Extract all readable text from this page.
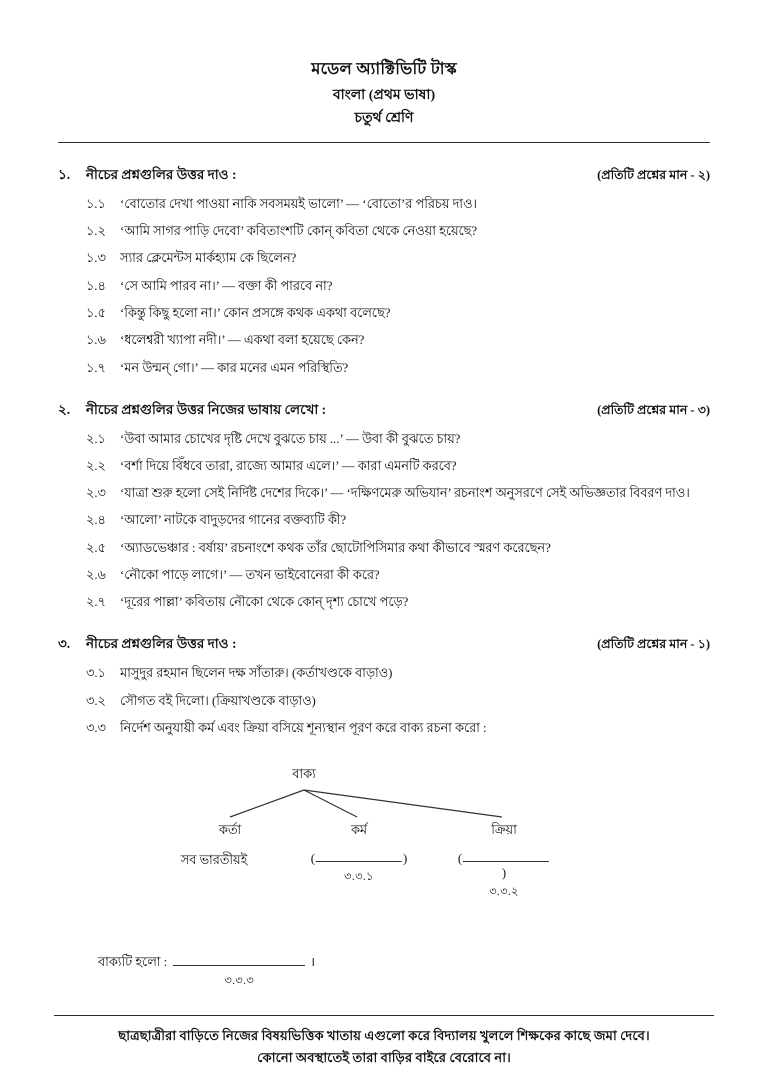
মডেল অ্যাক্টিভিটি টাস্ক
বাংলা (প্রথম ভাষা)
চতুর্থ শ্রেণি
১.	নীচের প্রশ্নগুলির উত্তর দাও :	(প্রতিটি প্রশ্নের মান - ২)
১.১	‘বোতোর দেখা পাওয়া নাকি সবসময়ই ভালো’ — ‘বোতো’র পরিচয় দাও।
১.২	‘আমি সাগর পাড়ি দেবো’ কবিতাংশটি কোন্ কবিতা থেকে নেওয়া হয়েছে?
১.৩	স্যার ক্লেমেন্টস মার্কহ্যাম কে ছিলেন?
১.৪	‘সে আমি পারব না।’ — বক্তা কী পারবে না?
১.৫	‘কিন্তু কিছু হলো না।’ কোন প্রসঙ্গে কথক একথা বলেছে?
১.৬	‘ধলেশ্বরী খ্যাপা নদী।’ — একথা বলা হয়েছে কেন?
১.৭	‘মন উন্মন্ গো।’ — কার মনের এমন পরিস্থিতি?
২.	নীচের প্রশ্নগুলির উত্তর নিজের ভাষায় লেখো :	(প্রতিটি প্রশ্নের মান - ৩)
২.১	‘উবা আমার চোখের দৃষ্টি দেখে বুঝতে চায় ...’ — উবা কী বুঝতে চায়?
২.২	‘বর্শা দিয়ে বিঁধবে তারা, রাজ্যে আমার এলে।’ — কারা এমনটি করবে?
২.৩	‘যাত্রা শুরু হলো সেই নির্দিষ্ট দেশের দিকে।’ — ‘দক্ষিণমেরু অভিযান’ রচনাংশ অনুসরণে সেই অভিজ্ঞতার বিবরণ দাও।
২.৪	‘আলো’ নাটকে বাদুড়দের গানের বক্তব্যটি কী?
২.৫	‘অ্যাডভেঞ্চার : বর্ষায়’ রচনাংশে কথক তাঁর ছোটোপিসিমার কথা কীভাবে স্মরণ করেছেন?
২.৬	‘নৌকো পাড়ে লাগে।’ — তখন ভাইবোনেরা কী করে?
২.৭	‘দূরের পাল্লা’ কবিতায় নৌকো থেকে কোন্ দৃশ্য চোখে পড়ে?
৩.	নীচের প্রশ্নগুলির উত্তর দাও :	(প্রতিটি প্রশ্নের মান - ১)
৩.১	মাসুদুর রহমান ছিলেন দক্ষ সাঁতারু। (কর্তাখণ্ডকে বাড়াও)
৩.২	সৌগত বই দিলো। (ক্রিয়াখণ্ডকে বাড়াও)
৩.৩	নির্দেশ অনুযায়ী কর্ম এবং ক্রিয়া বসিয়ে শূন্যস্থান পূরণ করে বাক্য রচনা করো :
বাক্য
কর্তা	কর্ম	ক্রিয়া
সব ভারতীয়ই	(	)
৩.৩.১
()
৩.৩.২
বাক্যটি হলো :
৩.৩.৩
।
ছাত্রছাত্রীরা বাড়িতে নিজের বিষয়ভিত্তিক খাতায় এগুলো করে বিদ্যালয় খুললে শিক্ষকের কাছে জমা দেবে।
কোনো অবস্থাতেই তারা বাড়ির বাইরে বেরোবে না।
